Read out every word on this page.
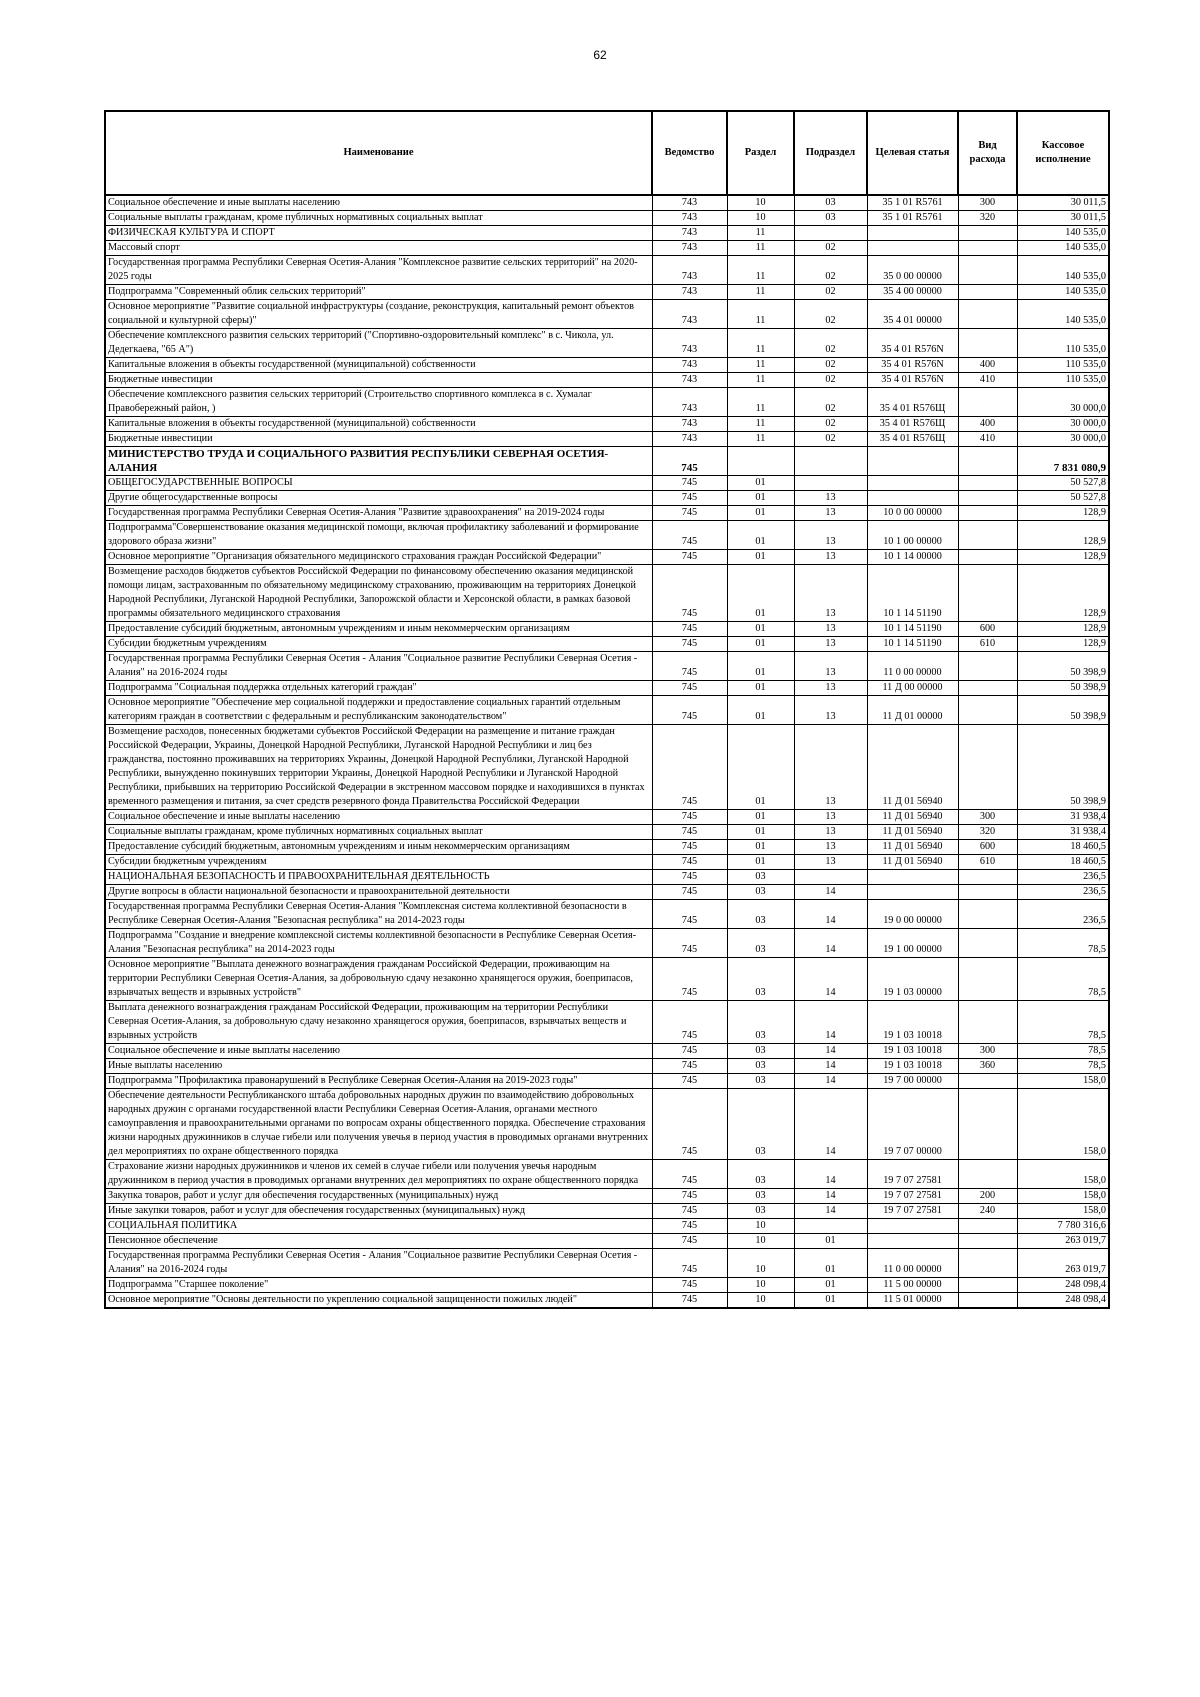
62
Наименование	Ведомство	Раздел	Подраздел	Целевая статья	Вид расхода	Кассовое исполнение
Социальное обеспечение и иные выплаты населению	743	10	03	35 1 01 R5761	300	30 011,5
Социальные выплаты гражданам, кроме публичных нормативных социальных выплат	743	10	03	35 1 01 R5761	320	30 011,5
ФИЗИЧЕСКАЯ КУЛЬТУРА И СПОРТ	743	11				140 535,0
Массовый спорт	743	11	02			140 535,0
Государственная программа Республики Северная Осетия-Алания "Комплексное развитие сельских территорий" на 2020-2025 годы	743	11	02	35 0 00 00000		140 535,0
Подпрограмма "Современный облик сельских территорий"	743	11	02	35 4 00 00000		140 535,0
Основное мероприятие "Развитие социальной инфраструктуры (создание, реконструкция, капитальный ремонт объектов социальной и культурной сферы)"	743	11	02	35 4 01 00000		140 535,0
Обеспечение комплексного развития сельских территорий ("Спортивно-оздоровительный комплекс" в с. Чикола, ул. Дедегкаева, "65 А")	743	11	02	35 4 01 R576N		110 535,0
Капитальные вложения в объекты государственной (муниципальной) собственности	743	11	02	35 4 01 R576N	400	110 535,0
Бюджетные инвестиции	743	11	02	35 4 01 R576N	410	110 535,0
Обеспечение комплексного развития сельских территорий (Строительство спортивного комплекса в с. Хумалаг Правобережный район, )	743	11	02	35 4 01 R576Щ		30 000,0
Капитальные вложения в объекты государственной (муниципальной) собственности	743	11	02	35 4 01 R576Щ	400	30 000,0
Бюджетные инвестиции	743	11	02	35 4 01 R576Щ	410	30 000,0
МИНИСТЕРСТВО ТРУДА И СОЦИАЛЬНОГО РАЗВИТИЯ РЕСПУБЛИКИ СЕВЕРНАЯ ОСЕТИЯ-АЛАНИЯ	745					7 831 080,9
ОБЩЕГОСУДАРСТВЕННЫЕ ВОПРОСЫ	745	01				50 527,8
Другие общегосударственные вопросы	745	01	13			50 527,8
Государственная программа Республики Северная Осетия-Алания "Развитие здравоохранения" на 2019-2024 годы	745	01	13	10 0 00 00000		128,9
Подпрограмма"Совершенствование оказания медицинской помощи, включая профилактику заболеваний и формирование здорового образа жизни"	745	01	13	10 1 00 00000		128,9
Основное мероприятие "Организация обязательного медицинского страхования граждан Российской Федерации"	745	01	13	10 1 14 00000		128,9
Возмещение расходов бюджетов субъектов Российской Федерации по финансовому обеспечению оказания медицинской помощи лицам, застрахованным по обязательному медицинскому страхованию, проживающим на территориях Донецкой Народной Республики, Луганской Народной Республики, Запорожской области и Херсонской области, в рамках базовой программы обязательного медицинского страхования	745	01	13	10 1 14 51190		128,9
Предоставление субсидий бюджетным, автономным учреждениям и иным некоммерческим организациям	745	01	13	10 1 14 51190	600	128,9
Субсидии бюджетным учреждениям	745	01	13	10 1 14 51190	610	128,9
Государственная программа Республики Северная Осетия - Алания "Социальное развитие Республики Северная Осетия - Алания" на 2016-2024 годы	745	01	13	11 0 00 00000		50 398,9
Подпрограмма "Социальная поддержка отдельных категорий граждан"	745	01	13	11 Д 00 00000		50 398,9
Основное мероприятие "Обеспечение мер социальной поддержки и предоставление социальных гарантий отдельным категориям граждан в соответствии с федеральным и республиканским законодательством"	745	01	13	11 Д 01 00000		50 398,9
Возмещение расходов, понесенных бюджетами субъектов Российской Федерации на размещение и питание граждан Российской Федерации, Украины, Донецкой Народной Республики, Луганской Народной Республики и лиц без гражданства, постоянно проживавших на территориях Украины, Донецкой Народной Республики, Луганской Народной Республики, вынужденно покинувших территории Украины, Донецкой Народной Республики и Луганской Народной Республики, прибывших на территорию Российской Федерации в экстренном массовом порядке и находившихся в пунктах временного размещения и питания, за счет средств резервного фонда Правительства Российской Федерации	745	01	13	11 Д 01 56940		50 398,9
Социальное обеспечение и иные выплаты населению	745	01	13	11 Д 01 56940	300	31 938,4
Социальные выплаты гражданам, кроме публичных нормативных социальных выплат	745	01	13	11 Д 01 56940	320	31 938,4
Предоставление субсидий бюджетным, автономным учреждениям и иным некоммерческим организациям	745	01	13	11 Д 01 56940	600	18 460,5
Субсидии бюджетным учреждениям	745	01	13	11 Д 01 56940	610	18 460,5
НАЦИОНАЛЬНАЯ БЕЗОПАСНОСТЬ И ПРАВООХРАНИТЕЛЬНАЯ ДЕЯТЕЛЬНОСТЬ	745	03				236,5
Другие вопросы в области национальной безопасности и правоохранительной деятельности	745	03	14			236,5
Государственная программа Республики Северная Осетия-Алания "Комплексная система коллективной безопасности в Республике Северная Осетия-Алания "Безопасная республика" на 2014-2023 годы	745	03	14	19 0 00 00000		236,5
Подпрограмма "Создание и внедрение комплексной системы коллективной безопасности в Республике Северная Осетия-Алания "Безопасная республика" на 2014-2023 годы	745	03	14	19 1 00 00000		78,5
Основное мероприятие "Выплата денежного вознаграждения гражданам Российской Федерации, проживающим на территории Республики Северная Осетия-Алания, за добровольную сдачу незаконно хранящегося оружия, боеприпасов, взрывчатых веществ и взрывных устройств"	745	03	14	19 1 03 00000		78,5
Выплата денежного вознаграждения гражданам Российской Федерации, проживающим на территории Республики Северная Осетия-Алания, за добровольную сдачу незаконно хранящегося оружия, боеприпасов, взрывчатых веществ и взрывных устройств	745	03	14	19 1 03 10018		78,5
Социальное обеспечение и иные выплаты населению	745	03	14	19 1 03 10018	300	78,5
Иные выплаты населению	745	03	14	19 1 03 10018	360	78,5
Подпрограмма "Профилактика правонарушений в Республике Северная Осетия-Алания на 2019-2023 годы"	745	03	14	19 7 00 00000		158,0
Обеспечение деятельности Республиканского штаба добровольных народных дружин по взаимодействию добровольных народных дружин с органами государственной власти Республики Северная Осетия-Алания, органами местного самоуправления и правоохранительными органами по вопросам охраны общественного порядка. Обеспечение страхования жизни народных дружинников в случае гибели или получения увечья в период участия в проводимых органами внутренних дел мероприятиях по охране общественного порядка	745	03	14	19 7 07 00000		158,0
Страхование жизни народных дружинников и членов их семей в случае гибели или получения увечья народным дружинником в период участия в проводимых органами внутренних дел мероприятиях по охране общественного порядка	745	03	14	19 7 07 27581		158,0
Закупка товаров, работ и услуг для обеспечения государственных (муниципальных) нужд	745	03	14	19 7 07 27581	200	158,0
Иные закупки товаров, работ и услуг для обеспечения государственных (муниципальных) нужд	745	03	14	19 7 07 27581	240	158,0
СОЦИАЛЬНАЯ ПОЛИТИКА	745	10				7 780 316,6
Пенсионное обеспечение	745	10	01			263 019,7
Государственная программа Республики Северная Осетия - Алания "Социальное развитие Республики Северная Осетия - Алания" на 2016-2024 годы	745	10	01	11 0 00 00000		263 019,7
Подпрограмма "Старшее поколение"	745	10	01	11 5 00 00000		248 098,4
Основное мероприятие "Основы деятельности по укреплению социальной защищенности пожилых людей"	745	10	01	11 5 01 00000		248 098,4
